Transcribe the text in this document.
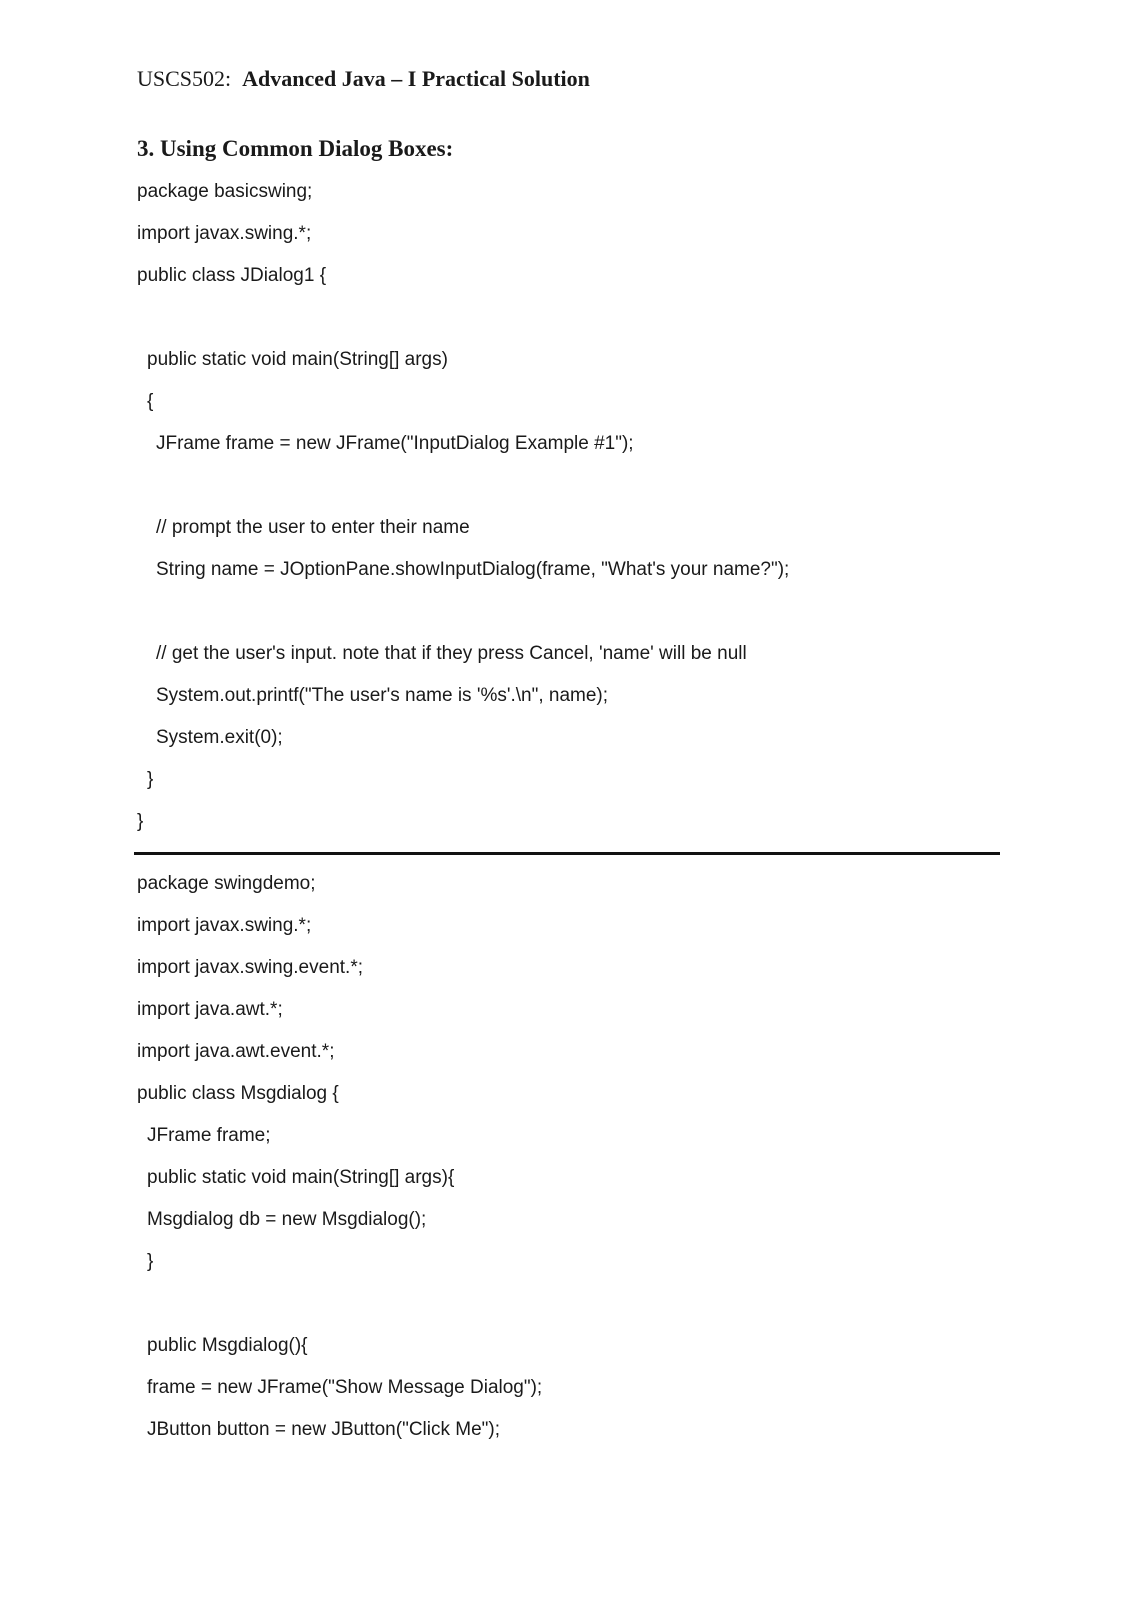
USCS502: Advanced Java – I Practical Solution
3. Using Common Dialog Boxes:
package basicswing;
import javax.swing.*;
public class JDialog1 {
public static void main(String[] args)
{
JFrame frame = new JFrame("InputDialog Example #1");
// prompt the user to enter their name
String name = JOptionPane.showInputDialog(frame, "What's your name?");
// get the user's input. note that if they press Cancel, 'name' will be null
System.out.printf("The user's name is '%s'.\n", name);
System.exit(0);
}
}
package swingdemo;
import javax.swing.*;
import javax.swing.event.*;
import java.awt.*;
import java.awt.event.*;
public class Msgdialog {
JFrame frame;
public static void main(String[] args){
Msgdialog db = new Msgdialog();
}
public Msgdialog(){
frame = new JFrame("Show Message Dialog");
JButton button = new JButton("Click Me");
